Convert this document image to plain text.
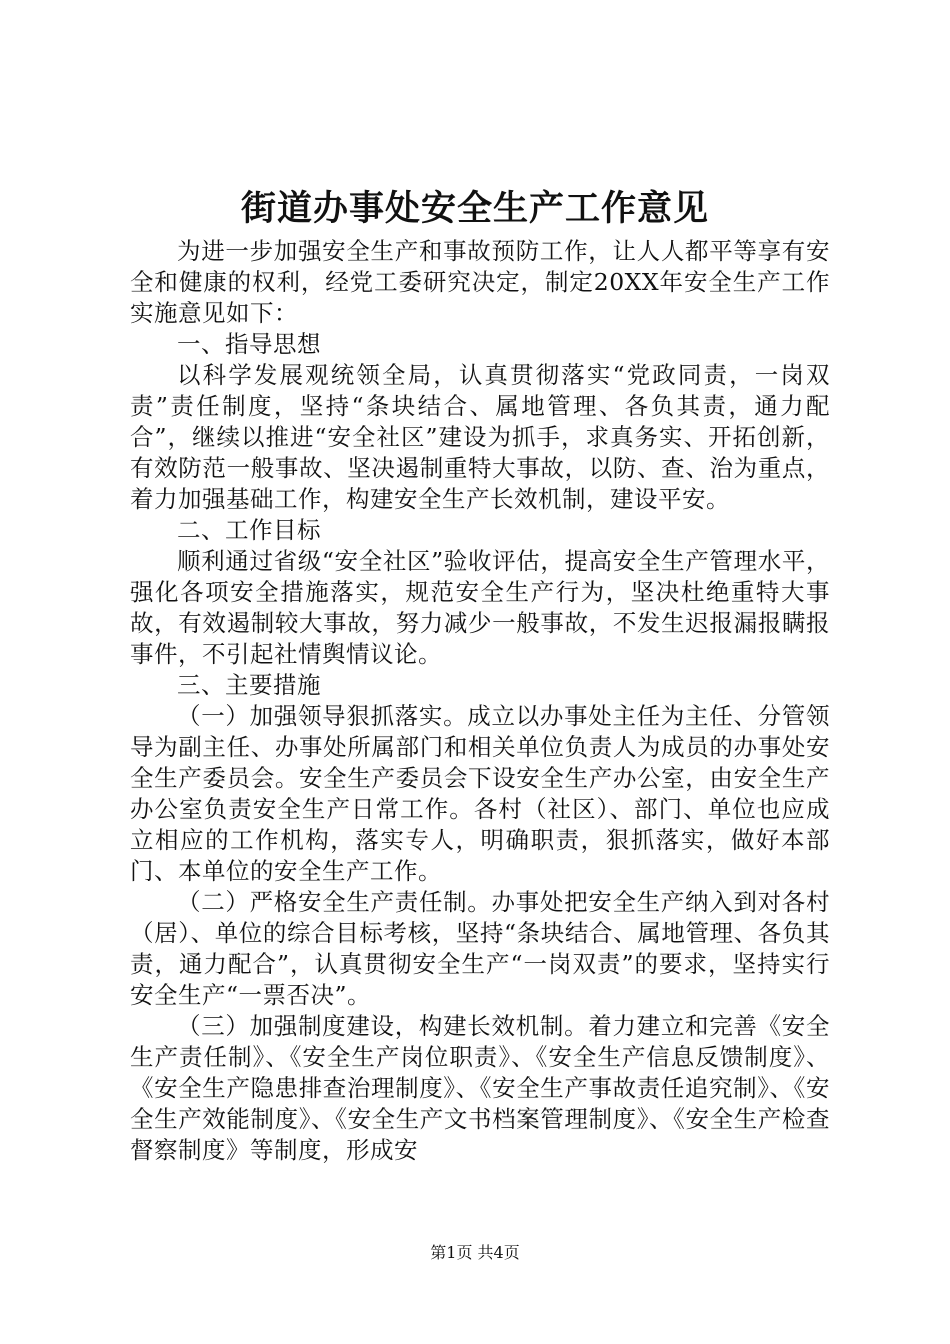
街道办事处安全生产工作意见

为进一步加强安全生产和事故预防工作，让人人都平等享有安全和健康的权利，经党工委研究决定，制定20XX年安全生产工作实施意见如下：

一、指导思想

以科学发展观统领全局，认真贯彻落实“党政同责，一岗双责”责任制度，坚持“条块结合、属地管理、各负其责，通力配合”，继续以推进“安全社区”建设为抓手，求真务实、开拓创新，有效防范一般事故、坚决遏制重特大事故，以防、查、治为重点，着力加强基础工作，构建安全生产长效机制，建设平安。

二、工作目标

顺利通过省级“安全社区”验收评估，提高安全生产管理水平，强化各项安全措施落实，规范安全生产行为，坚决杜绝重特大事故，有效遏制较大事故，努力减少一般事故，不发生迟报漏报瞒报事件，不引起社情舆情议论。

三、主要措施

（一）加强领导狠抓落实。成立以办事处主任为主任、分管领导为副主任、办事处所属部门和相关单位负责人为成员的办事处安全生产委员会。安全生产委员会下设安全生产办公室，由安全生产办公室负责安全生产日常工作。各村（社区）、部门、单位也应成立相应的工作机构，落实专人，明确职责，狠抓落实，做好本部门、本单位的安全生产工作。

（二）严格安全生产责任制。办事处把安全生产纳入到对各村（居）、单位的综合目标考核，坚持“条块结合、属地管理、各负其责，通力配合”，认真贯彻安全生产“一岗双责”的要求，坚持实行安全生产“一票否决”。

（三）加强制度建设，构建长效机制。着力建立和完善《安全生产责任制》、《安全生产岗位职责》、《安全生产信息反馈制度》、《安全生产隐患排查治理制度》、《安全生产事故责任追究制》、《安全生产效能制度》、《安全生产文书档案管理制度》、《安全生产检查督察制度》等制度，形成安

第1页 共4页
